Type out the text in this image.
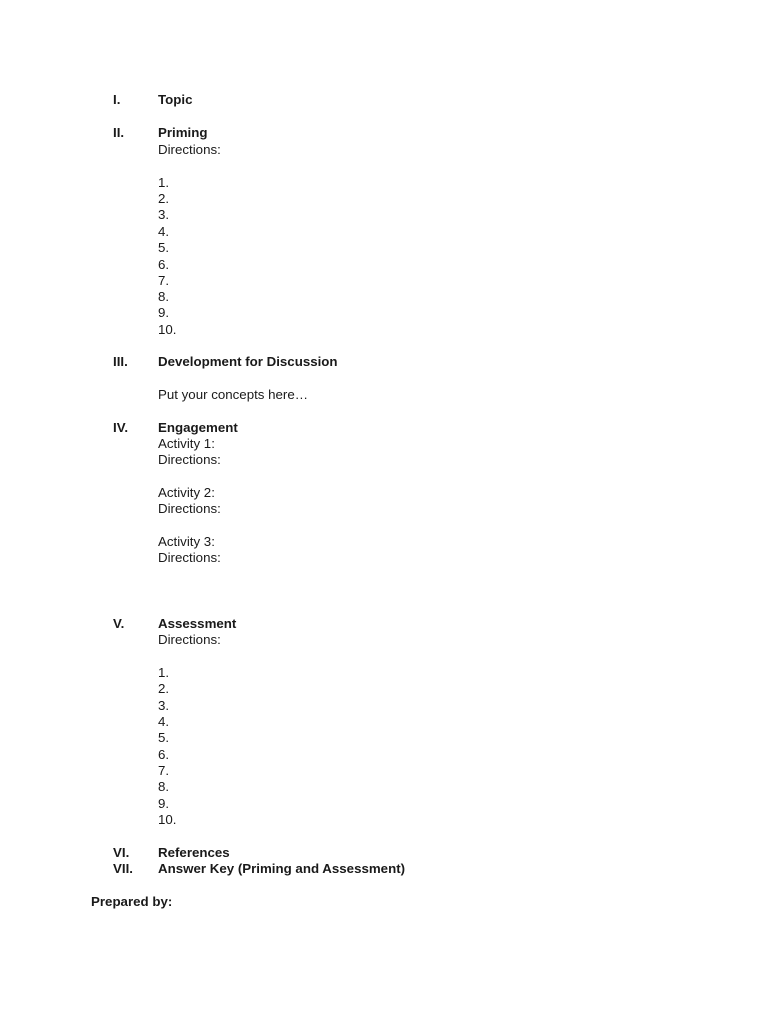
I.	Topic
II.	Priming
Directions:
1.
2.
3.
4.
5.
6.
7.
8.
9.
10.
III. Development for Discussion
Put your concepts here…
IV. Engagement
Activity 1:
Directions:
Activity 2:
Directions:
Activity 3:
Directions:
V.	Assessment
Directions:
1.
2.
3.
4.
5.
6.
7.
8.
9.
10.
VI. References
VII. Answer Key (Priming and Assessment)
Prepared by:
